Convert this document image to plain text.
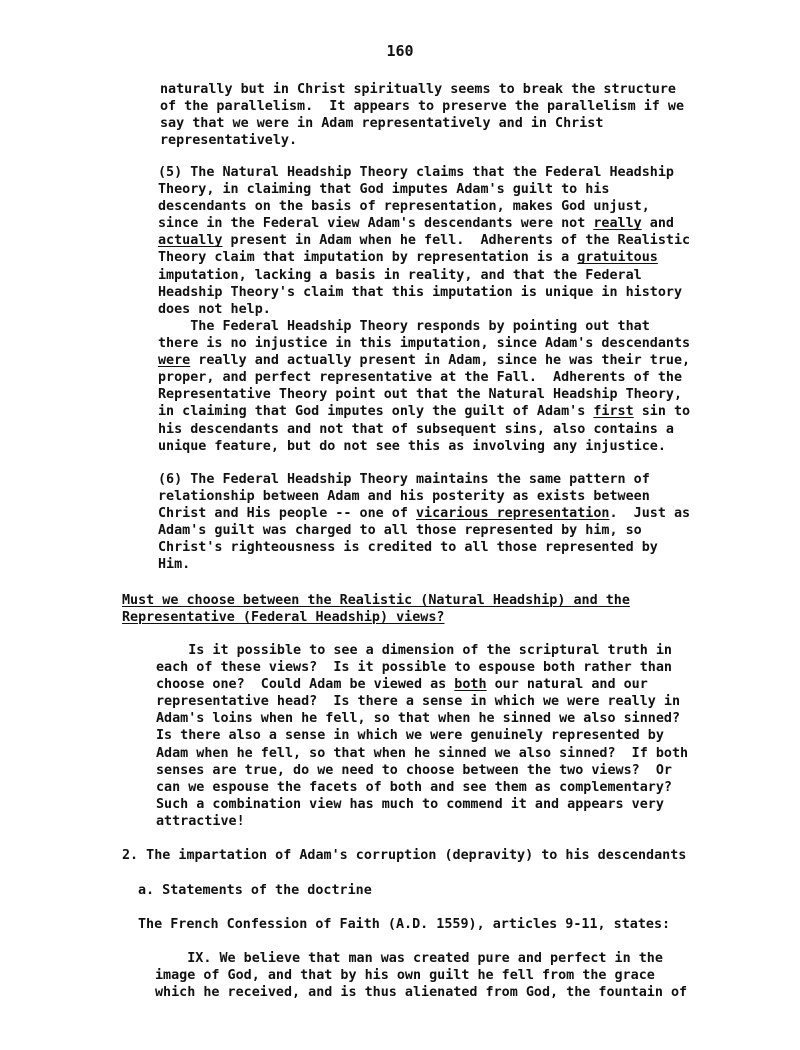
160
naturally but in Christ spiritually seems to break the structure
of the parallelism.  It appears to preserve the parallelism if we
say that we were in Adam representatively and in Christ
representatively.
(5) The Natural Headship Theory claims that the Federal Headship
Theory, in claiming that God imputes Adam's guilt to his
descendants on the basis of representation, makes God unjust,
since in the Federal view Adam's descendants were not really and
actually present in Adam when he fell.  Adherents of the Realistic
Theory claim that imputation by representation is a gratuitous
imputation, lacking a basis in reality, and that the Federal
Headship Theory's claim that this imputation is unique in history
does not help.
The Federal Headship Theory responds by pointing out that
there is no injustice in this imputation, since Adam's descendants
were really and actually present in Adam, since he was their true,
proper, and perfect representative at the Fall.  Adherents of the
Representative Theory point out that the Natural Headship Theory,
in claiming that God imputes only the guilt of Adam's first sin to
his descendants and not that of subsequent sins, also contains a
unique feature, but do not see this as involving any injustice.
(6) The Federal Headship Theory maintains the same pattern of
relationship between Adam and his posterity as exists between
Christ and His people -- one of vicarious representation.  Just as
Adam's guilt was charged to all those represented by him, so
Christ's righteousness is credited to all those represented by
Him.
Must we choose between the Realistic (Natural Headship) and the
Representative (Federal Headship) views?
Is it possible to see a dimension of the scriptural truth in
each of these views?  Is it possible to espouse both rather than
choose one?  Could Adam be viewed as both our natural and our
representative head?  Is there a sense in which we were really in
Adam's loins when he fell, so that when he sinned we also sinned?
Is there also a sense in which we were genuinely represented by
Adam when he fell, so that when he sinned we also sinned?  If both
senses are true, do we need to choose between the two views?  Or
can we espouse the facets of both and see them as complementary?
Such a combination view has much to commend it and appears very
attractive!
2. The impartation of Adam's corruption (depravity) to his descendants
a. Statements of the doctrine
The French Confession of Faith (A.D. 1559), articles 9-11, states:
IX. We believe that man was created pure and perfect in the
image of God, and that by his own guilt he fell from the grace
which he received, and is thus alienated from God, the fountain of
